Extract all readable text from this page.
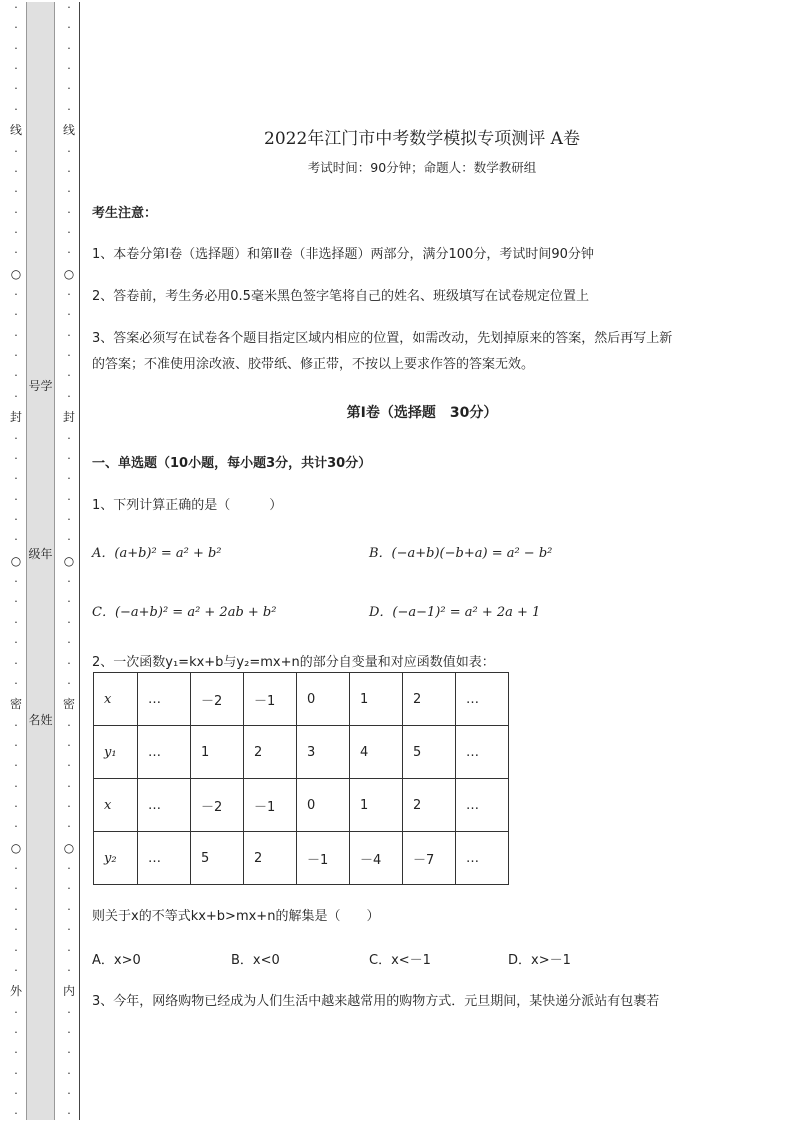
·
·
·
·
·
·
线
·
·
·
·
·
·
○
·
·
·
·
·
·
封
·
·
·
·
·
·
○
·
·
·
·
·
·
密
·
·
·
·
·
·
○
·
·
·
·
·
·
外
·
·
·
·
·
·
号学
级年
名姓
·
·
·
·
·
·
线
·
·
·
·
·
·
○
·
·
·
·
·
·
封
·
·
·
·
·
·
○
·
·
·
·
·
·
密
·
·
·
·
·
·
○
·
·
·
·
·
·
内
·
·
·
·
·
·
2022年江门市中考数学模拟专项测评 A卷
考试时间：90分钟；命题人：数学教研组
考生注意：
1、本卷分第I卷（选择题）和第Ⅱ卷（非选择题）两部分，满分100分，考试时间90分钟
2、答卷前，考生务必用0.5毫米黑色签字笔将自己的姓名、班级填写在试卷规定位置上
3、答案必须写在试卷各个题目指定区域内相应的位置，如需改动，先划掉原来的答案，然后再写上新
的答案；不准使用涂改液、胶带纸、修正带，不按以上要求作答的答案无效。
第I卷（选择题　30分）
一、单选题（10小题，每小题3分，共计30分）
1、下列计算正确的是（　　　）
A．(a+b)² = a² + b²	B．(−a+b)(−b+a) = a² − b²
C．(−a+b)² = a² + 2ab + b²	D．(−a−1)² = a² + 2a + 1
2、一次函数y₁=kx+b与y₂=mx+n的部分自变量和对应函数值如表：
x	…	－2	－1	0	1	2	…
y₁	…	1	2	3	4	5	…
x	…	－2	－1	0	1	2	…
y₂	…	5	2	－1	－4	－7	…
则关于x的不等式kx+b>mx+n的解集是（　　）
A．x>0	B．x<0	C．x<－1	D．x>－1
3、今年，网络购物已经成为人们生活中越来越常用的购物方式．元旦期间，某快递分派站有包裹若
